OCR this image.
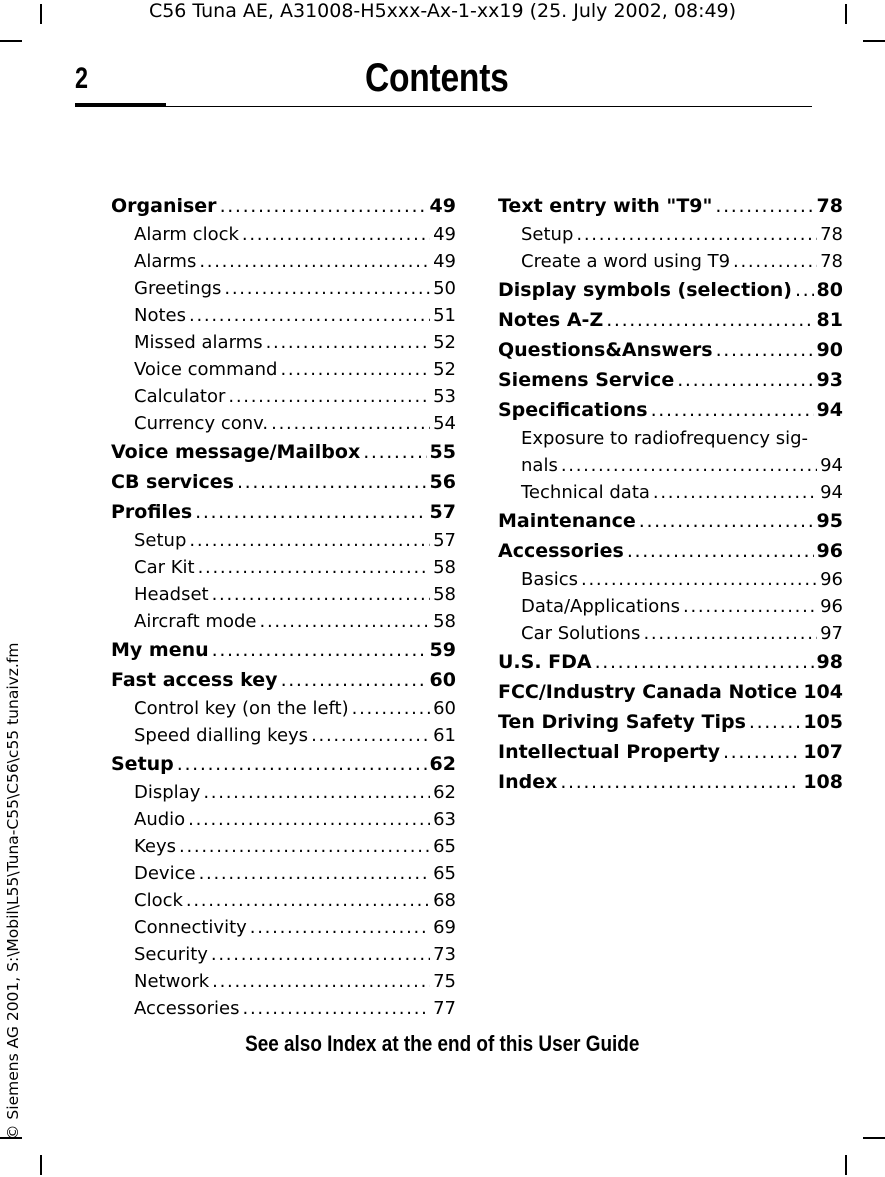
C56 Tuna AE, A31008-H5xxx-Ax-1-xx19 (25. July 2002, 08:49)
2	Contents
© Siemens AG 2001, S:\Mobil\L55\Tuna-C55\C56\c55 tunaivz.fm
Organiser . . .	49
Alarm clock . . .	49
Alarms . . .	49
Greetings . . .	50
Notes . . .	51
Missed alarms . . .	52
Voice command . . .	52
Calculator . . .	53
Currency conv. . . .	54
Voice message/Mailbox . . .	55
CB services . . .	56
Profiles . . .	57
Setup . . .	57
Car Kit . . .	58
Headset . . .	58
Aircraft mode . . .	58
My menu . . .	59
Fast access key . . .	60
Control key (on the left) . . .	60
Speed dialling keys . . .	61
Setup . . .	62
Display . . .	62
Audio . . .	63
Keys . . .	65
Device . . .	65
Clock . . .	68
Connectivity . . .	69
Security . . .	73
Network . . .	75
Accessories . . .	77
Text entry with "T9" . . .	78
Setup . . .	78
Create a word using T9 . . .	78
Display symbols (selection) . . . 80
Notes A-Z . . .	81
Questions&Answers . . .	90
Siemens Service . . .	93
Specifications . . .	94
Exposure to radiofrequency sig-
nals . . .	94
Technical data . . .	94
Maintenance . . .	95
Accessories . . .	96
Basics . . .	96
Data/Applications . . .	96
Car Solutions . . .	97
U.S. FDA . . .	98
FCC/Industry Canada Notice . . . 104
Ten Driving Safety Tips . . .	105
Intellectual Property . . .	107
Index . . .	108
See also Index at the end of this User Guide
